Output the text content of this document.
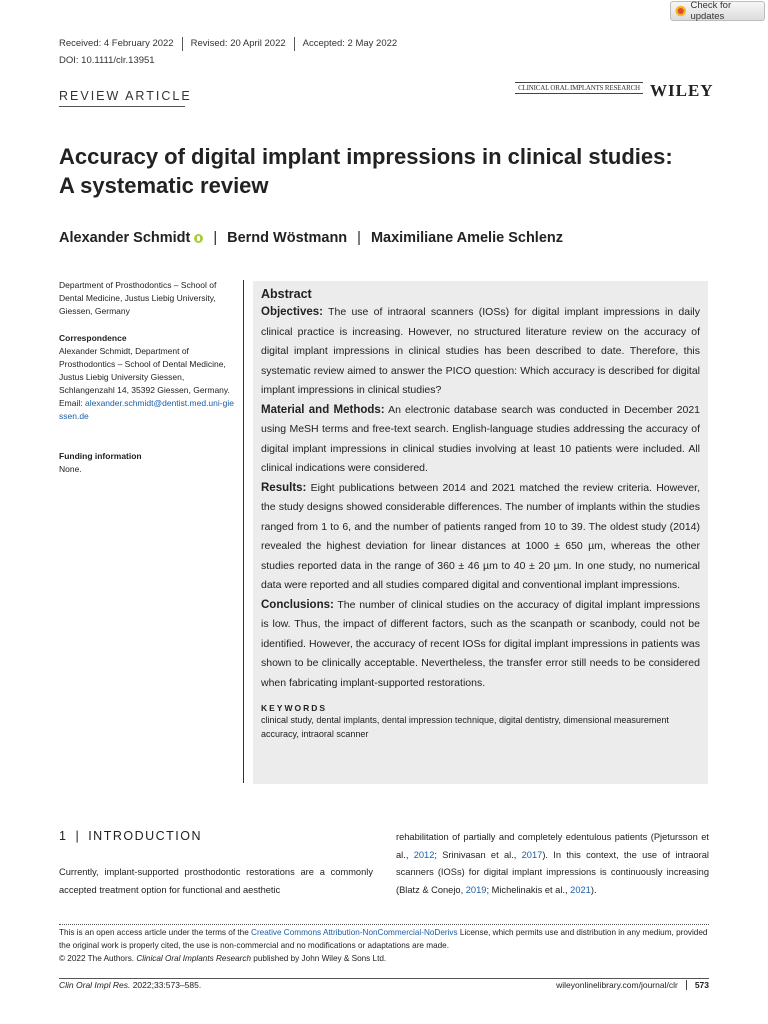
Check for updates
Received: 4 February 2022	Revised: 20 April 2022	Accepted: 2 May 2022
DOI: 10.1111/clr.13951
REVIEW ARTICLE
CLINICAL ORAL IMPLANTS RESEARCH WILEY
Accuracy of digital implant impressions in clinical studies:
A systematic review
Alexander Schmidt | Bernd Wöstmann | Maximiliane Amelie Schlenz
Department of Prosthodontics – School of Dental Medicine, Justus Liebig University, Giessen, Germany
Correspondence
Alexander Schmidt, Department of Prosthodontics – School of Dental Medicine, Justus Liebig University Giessen, Schlangenzahl 14, 35392 Giessen, Germany.
Email: alexander.schmidt@dentist.med.uni-giessen.de
Funding information
None.
Abstract
Objectives: The use of intraoral scanners (IOSs) for digital implant impressions in daily clinical practice is increasing. However, no structured literature review on the accuracy of digital implant impressions in clinical studies has been described to date. Therefore, this systematic review aimed to answer the PICO question: Which accuracy is described for digital implant impressions in clinical studies?
Material and Methods: An electronic database search was conducted in December 2021 using MeSH terms and free-text search. English-language studies addressing the accuracy of digital implant impressions in clinical studies involving at least 10 patients were included. All clinical indications were considered.
Results: Eight publications between 2014 and 2021 matched the review criteria. However, the study designs showed considerable differences. The number of implants within the studies ranged from 1 to 6, and the number of patients ranged from 10 to 39. The oldest study (2014) revealed the highest deviation for linear distances at 1000 ± 650 µm, whereas the other studies reported data in the range of 360 ± 46 µm to 40 ± 20 µm. In one study, no numerical data were reported and all studies compared digital and conventional implant impressions.
Conclusions: The number of clinical studies on the accuracy of digital implant impressions is low. Thus, the impact of different factors, such as the scanpath or scanbody, could not be identified. However, the accuracy of recent IOSs for digital implant impressions in patients was shown to be clinically acceptable. Nevertheless, the transfer error still needs to be considered when fabricating implant-supported restorations.
KEYWORDS
clinical study, dental implants, dental impression technique, digital dentistry, dimensional measurement accuracy, intraoral scanner
1 | INTRODUCTION
Currently, implant-supported prosthodontic restorations are a commonly accepted treatment option for functional and aesthetic
rehabilitation of partially and completely edentulous patients (Pjetursson et al., 2012; Srinivasan et al., 2017). In this context, the use of intraoral scanners (IOSs) for digital implant impressions is continuously increasing (Blatz & Conejo, 2019; Michelinakis et al., 2021).
This is an open access article under the terms of the Creative Commons Attribution-NonCommercial-NoDerivs License, which permits use and distribution in any medium, provided the original work is properly cited, the use is non-commercial and no modifications or adaptations are made.
© 2022 The Authors. Clinical Oral Implants Research published by John Wiley & Sons Ltd.
Clin Oral Impl Res. 2022;33:573–585.	wileyonlinelibrary.com/journal/clr	573
